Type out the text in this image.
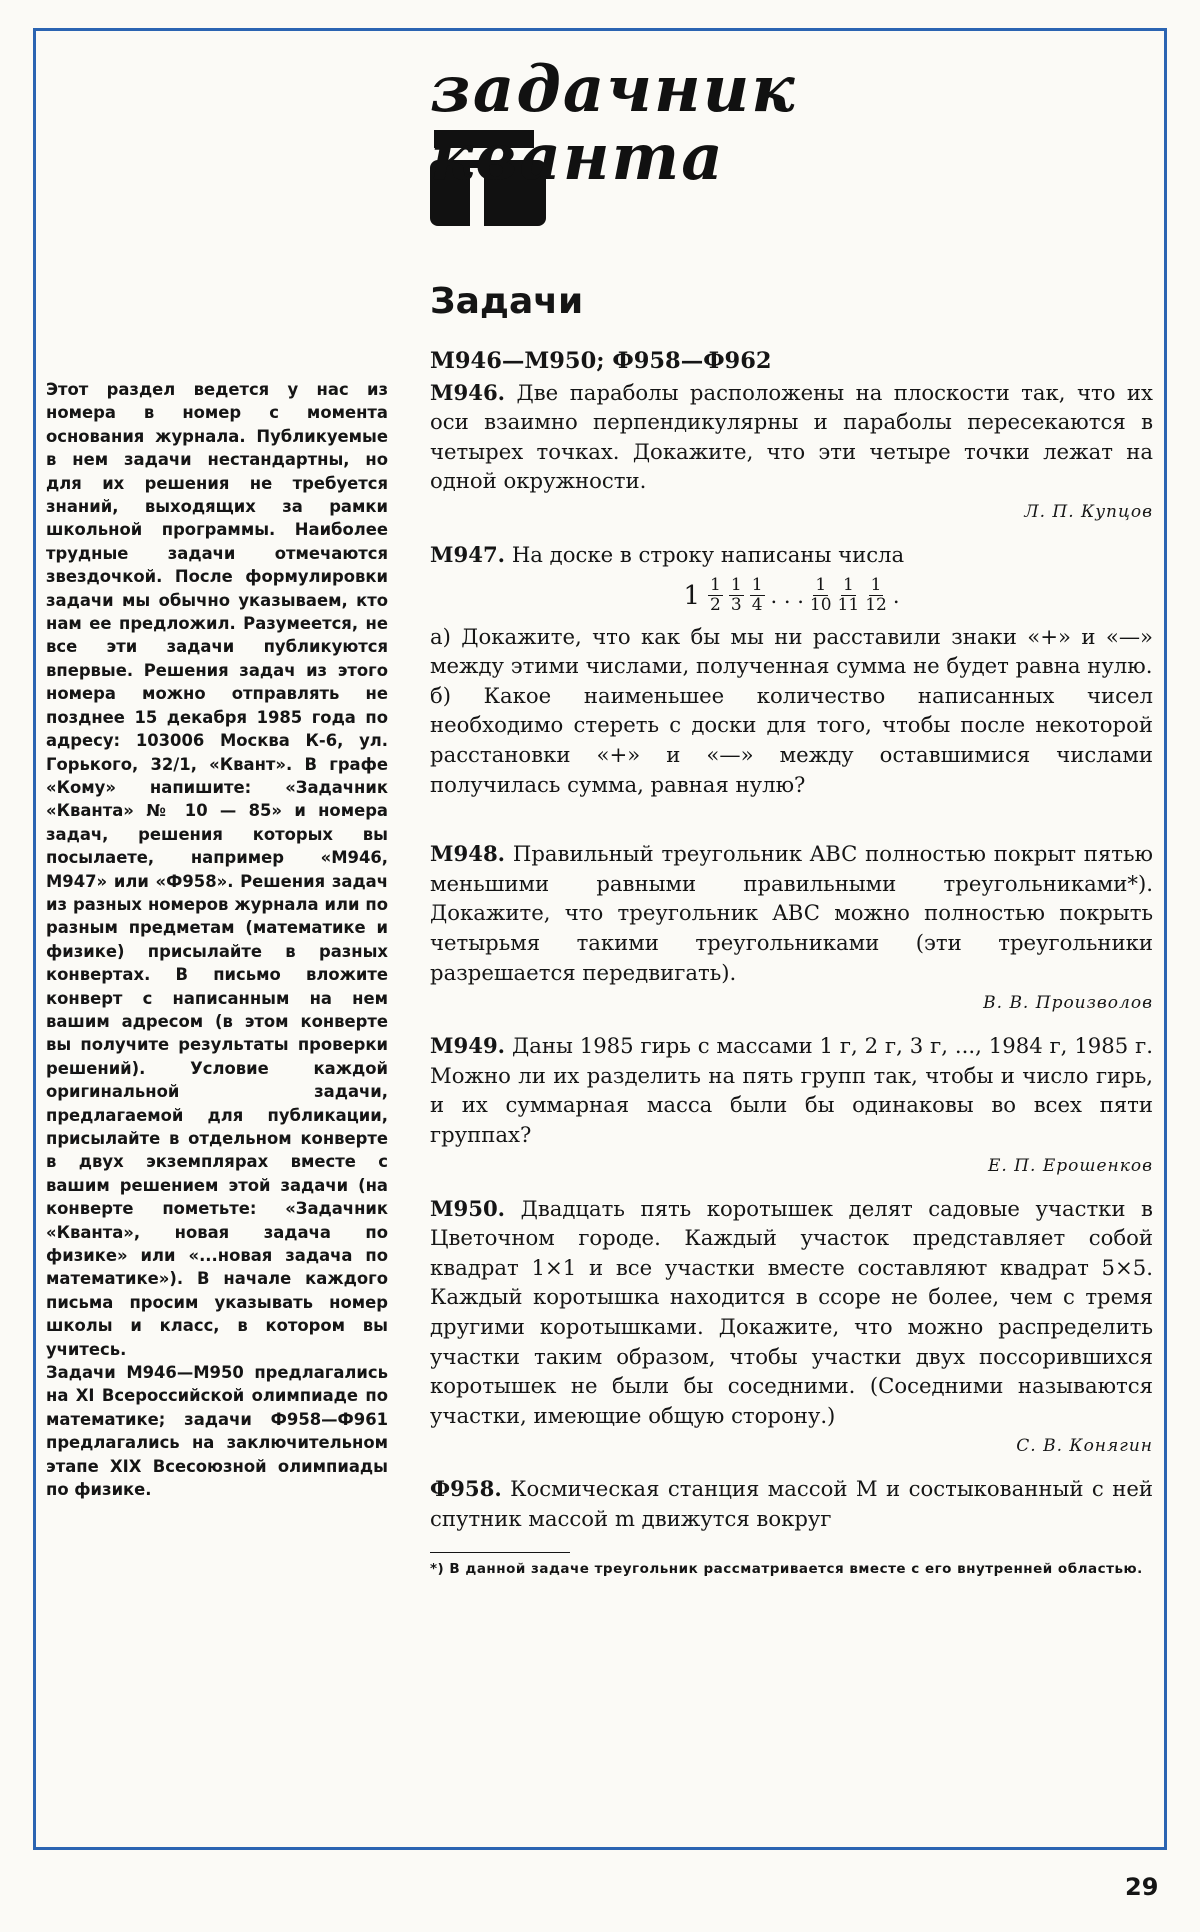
задачник
кванта

Этот раздел ведется у нас из номера в номер с момента основания журнала. Публикуемые в нем задачи нестандартны, но для их решения не требуется знаний, выходящих за рамки школьной программы. Наиболее трудные задачи отмечаются звездочкой. После формулировки задачи мы обычно указываем, кто нам ее предложил. Разумеется, не все эти задачи публикуются впервые. Решения задач из этого номера можно отправлять не позднее 15 декабря 1985 года по адресу: 103006 Москва К-6, ул. Горького, 32/1, «Квант». В графе «Кому» напишите: «Задачник «Кванта» № 10 — 85» и номера задач, решения которых вы посылаете, например «М946, М947» или «Ф958». Решения задач из разных номеров журнала или по разным предметам (математике и физике) присылайте в разных конвертах. В письмо вложите конверт с написанным на нем вашим адресом (в этом конверте вы получите результаты проверки решений). Условие каждой оригинальной задачи, предлагаемой для публикации, присылайте в отдельном конверте в двух экземплярах вместе с вашим решением этой задачи (на конверте пометьте: «Задачник «Кванта», новая задача по физике» или «...новая задача по математике»). В начале каждого письма просим указывать номер школы и класс, в котором вы учитесь.

Задачи М946—М950 предлагались на XI Всероссийской олимпиаде по математике; задачи Ф958—Ф961 предлагались на заключительном этапе XIX Всесоюзной олимпиады по физике.

Задачи
М946—М950; Ф958—Ф962

М946. Две параболы расположены на плоскости так, что их оси взаимно перпендикулярны и параболы пересекаются в четырех точках. Докажите, что эти четыре точки лежат на одной окружности.

Л. П. Купцов

М947. На доске в строку написаны числа

$1 \frac{1}{2} \frac{1}{3} \frac{1}{4}$ . . . $\frac{1}{10} \frac{1}{11} \frac{1}{12}$ .

а) Докажите, что как бы мы ни расставили знаки «+» и «—» между этими числами, полученная сумма не будет равна нулю.

б) Какое наименьшее количество написанных чисел необходимо стереть с доски для того, чтобы после некоторой расстановки «+» и «—» между оставшимися числами получилась сумма, равная нулю?

М948. Правильный треугольник ABC полностью покрыт пятью меньшими равными правильными треугольниками*). Докажите, что треугольник ABC можно полностью покрыть четырьмя такими треугольниками (эти треугольники разрешается передвигать).

В. В. Произволов

М949. Даны 1985 гирь с массами 1 г, 2 г, 3 г, ..., 1984 г, 1985 г. Можно ли их разделить на пять групп так, чтобы и число гирь, и их суммарная масса были бы одинаковы во всех пяти группах?

Е. П. Ерошенков

М950. Двадцать пять коротышек делят садовые участки в Цветочном городе. Каждый участок представляет собой квадрат 1×1 и все участки вместе составляют квадрат 5×5. Каждый коротышка находится в ссоре не более, чем с тремя другими коротышками. Докажите, что можно распределить участки таким образом, чтобы участки двух поссорившихся коротышек не были бы соседними. (Соседними называются участки, имеющие общую сторону.)

С. В. Конягин

Ф958. Космическая станция массой M и состыкованный с ней спутник массой m движутся вокруг

*) В данной задаче треугольник рассматривается вместе с его внутренней областью.
29
